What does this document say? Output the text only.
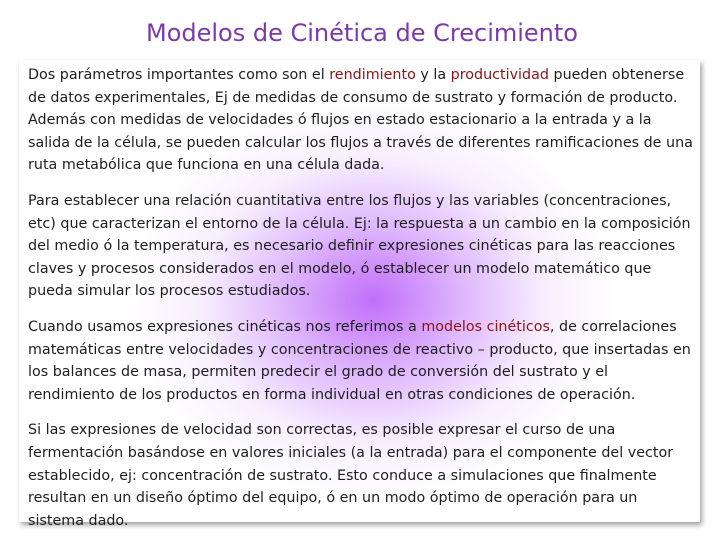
Modelos de Cinética de Crecimiento

Dos parámetros importantes como son el rendimiento y la productividad pueden obtenerse de datos experimentales, Ej de medidas de consumo de sustrato y formación de producto. Además con medidas de velocidades ó flujos en estado estacionario a la entrada y a la salida de la célula, se pueden calcular los flujos a través de diferentes ramificaciones de una ruta metabólica que funciona en una célula dada.

Para establecer una relación cuantitativa entre los flujos y las variables (concentraciones, etc) que caracterizan el entorno de la célula. Ej: la respuesta a un cambio en la composición del medio ó la temperatura, es necesario definir expresiones cinéticas para las reacciones claves y procesos considerados en el modelo, ó establecer un modelo matemático que pueda simular los procesos estudiados.

Cuando usamos expresiones cinéticas nos referimos a modelos cinéticos, de correlaciones matemáticas entre velocidades y concentraciones de reactivo – producto, que insertadas en los balances de masa, permiten predecir el grado de conversión del sustrato y el rendimiento de los productos en forma individual en otras condiciones de operación.

Si las expresiones de velocidad son correctas, es posible expresar el curso de una fermentación basándose en valores iniciales (a la entrada) para el componente del vector establecido, ej: concentración de sustrato. Esto conduce a simulaciones que finalmente resultan en un diseño óptimo del equipo, ó en un modo óptimo de operación para un sistema dado.
